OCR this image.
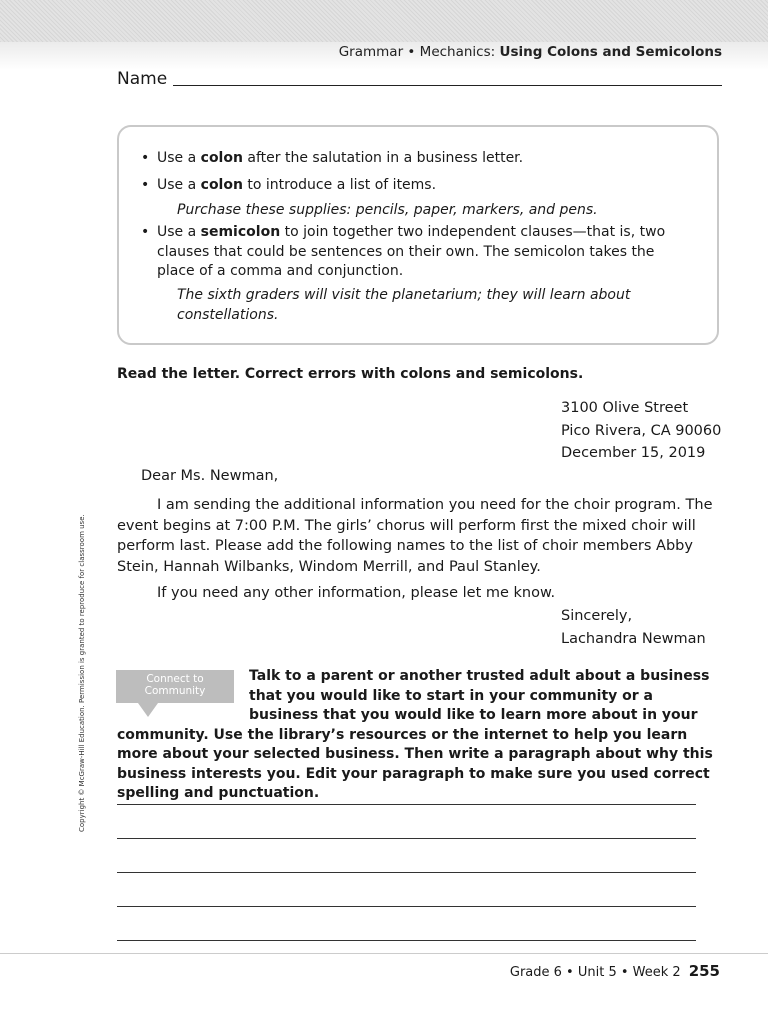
Grammar • Mechanics: Using Colons and Semicolons
Name
• Use a colon after the salutation in a business letter.
• Use a colon to introduce a list of items.
Purchase these supplies: pencils, paper, markers, and pens.
• Use a semicolon to join together two independent clauses—that is, two clauses that could be sentences on their own. The semicolon takes the place of a comma and conjunction.
The sixth graders will visit the planetarium; they will learn about constellations.
Read the letter. Correct errors with colons and semicolons.
3100 Olive Street
Pico Rivera, CA 90060
December 15, 2019
Dear Ms. Newman,
I am sending the additional information you need for the choir program. The event begins at 7:00 P.M. The girls’ chorus will perform first the mixed choir will perform last. Please add the following names to the list of choir members Abby Stein, Hannah Wilbanks, Windom Merrill, and Paul Stanley.
If you need any other information, please let me know.
Sincerely,
Lachandra Newman
Talk to a parent or another trusted adult about a business that you would like to start in your community or a business that you would like to learn more about in your community. Use the library’s resources or the internet to help you learn more about your selected business. Then write a paragraph about why this business interests you. Edit your paragraph to make sure you used correct spelling and punctuation.
Connect to
Community
Copyright © McGraw-Hill Education. Permission is granted to reproduce for classroom use.
Grade 6 • Unit 5 • Week 2 255
